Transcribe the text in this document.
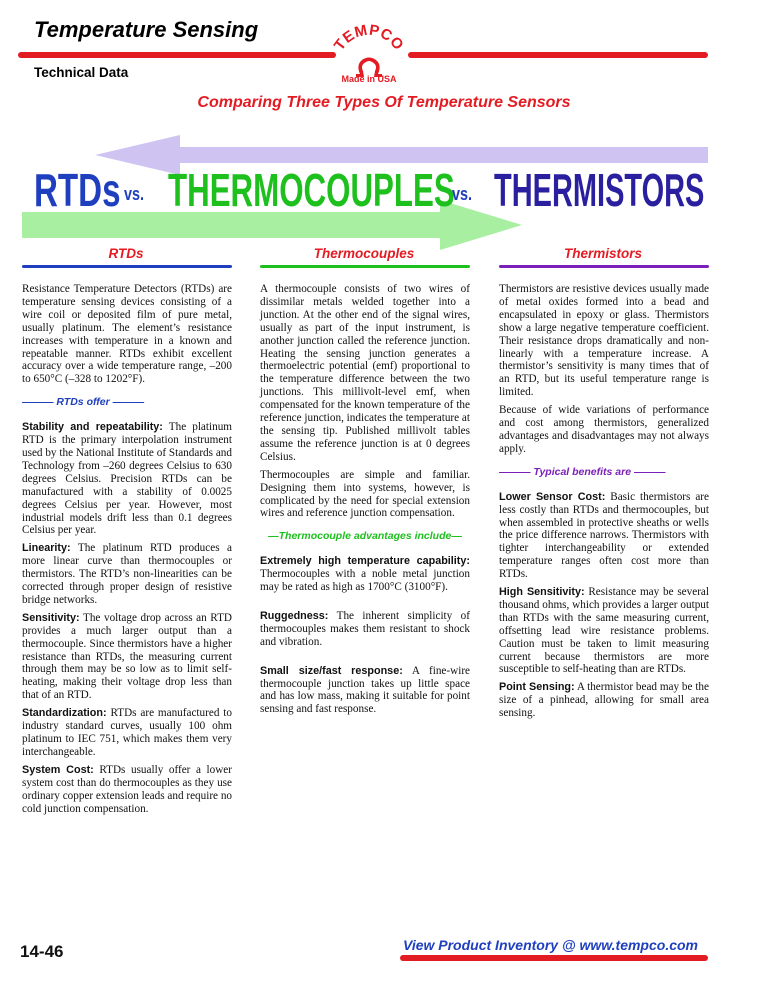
Temperature Sensing
Technical Data
TEMPCO
Made in USA
Comparing Three Types Of Temperature Sensors
RTDs vs. THERMOCOUPLES
vs. THERMISTORS
RTDs	Thermocouples	Thermistors

Resistance Temperature Detectors (RTDs) are temperature sensing devices consisting of a wire coil or deposited film of pure metal, usually platinum. The element’s resistance increases with temperature in a known and repeatable manner. RTDs exhibit excellent accuracy over a wide temperature range, –200 to 650°C (–328 to 1202°F).

——— RTDs offer ———

Stability and repeatability: The platinum RTD is the primary interpolation instrument used by the National Institute of Standards and Technology from –260 degrees Celsius to 630 degrees Celsius. Precision RTDs can be manufactured with a stability of 0.0025 degrees Celsius per year. However, most industrial models drift less than 0.1 degrees Celsius per year.

Linearity: The platinum RTD produces a more linear curve than thermocouples or thermistors. The RTD’s non-linearities can be corrected through proper design of resistive bridge networks.

Sensitivity: The voltage drop across an RTD provides a much larger output than a thermocouple. Since thermistors have a higher resistance than RTDs, the measuring current through them may be so low as to limit self-heating, making their voltage drop less than that of an RTD.

Standardization: RTDs are manufactured to industry standard curves, usually 100 ohm platinum to IEC 751, which makes them very interchangeable.

System Cost: RTDs usually offer a lower system cost than do thermocouples as they use ordinary copper extension leads and require no cold junction compensation.

A thermocouple consists of two wires of dissimilar metals welded together into a junction. At the other end of the signal wires, usually as part of the input instrument, is another junction called the reference junction. Heating the sensing junction generates a thermoelectric potential (emf) proportional to the temperature difference between the two junctions. This millivolt-level emf, when compensated for the known temperature of the reference junction, indicates the temperature at the sensing tip. Published millivolt tables assume the reference junction is at 0 degrees Celsius.

Thermocouples are simple and familiar. Designing them into systems, however, is complicated by the need for special extension wires and reference junction compensation.

—Thermocouple advantages include—

Extremely high temperature capability: Thermocouples with a noble metal junction may be rated as high as 1700°C (3100°F).

Ruggedness: The inherent simplicity of thermocouples makes them resistant to shock and vibration.

Small size/fast response: A fine-wire thermocouple junction takes up little space and has low mass, making it suitable for point sensing and fast response.

Thermistors are resistive devices usually made of metal oxides formed into a bead and encapsulated in epoxy or glass. Thermistors show a large negative temperature coefficient. Their resistance drops dramatically and non-linearly with a temperature increase. A thermistor’s sensitivity is many times that of an RTD, but its useful temperature range is limited.

Because of wide variations of performance and cost among thermistors, generalized advantages and disadvantages may not always apply.

——— Typical benefits are ———

Lower Sensor Cost: Basic thermistors are less costly than RTDs and thermocouples, but when assembled in protective sheaths or wells the price difference narrows. Thermistors with tighter interchangeability or extended temperature ranges often cost more than RTDs.

High Sensitivity: Resistance may be several thousand ohms, which provides a larger output than RTDs with the same measuring current, offsetting lead wire resistance problems. Caution must be taken to limit measuring current because thermistors are more susceptible to self-heating than are RTDs.

Point Sensing: A thermistor bead may be the size of a pinhead, allowing for small area sensing.

14-46	View Product Inventory @ www.tempco.com
